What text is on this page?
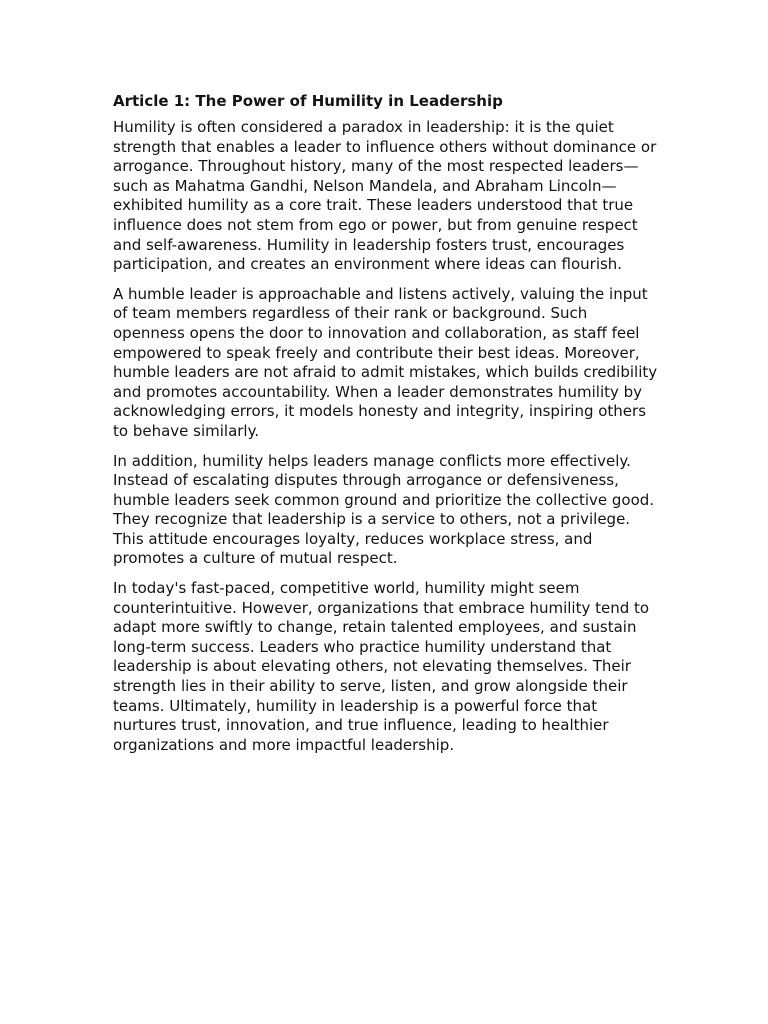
Article 1: The Power of Humility in Leadership

Humility is often considered a paradox in leadership: it is the quiet strength that enables a leader to influence others without dominance or arrogance. Throughout history, many of the most respected leaders—such as Mahatma Gandhi, Nelson Mandela, and Abraham Lincoln—exhibited humility as a core trait. These leaders understood that true influence does not stem from ego or power, but from genuine respect and self-awareness. Humility in leadership fosters trust, encourages participation, and creates an environment where ideas can flourish.

A humble leader is approachable and listens actively, valuing the input of team members regardless of their rank or background. Such openness opens the door to innovation and collaboration, as staff feel empowered to speak freely and contribute their best ideas. Moreover, humble leaders are not afraid to admit mistakes, which builds credibility and promotes accountability. When a leader demonstrates humility by acknowledging errors, it models honesty and integrity, inspiring others to behave similarly.

In addition, humility helps leaders manage conflicts more effectively. Instead of escalating disputes through arrogance or defensiveness, humble leaders seek common ground and prioritize the collective good. They recognize that leadership is a service to others, not a privilege. This attitude encourages loyalty, reduces workplace stress, and promotes a culture of mutual respect.

In today's fast-paced, competitive world, humility might seem counterintuitive. However, organizations that embrace humility tend to adapt more swiftly to change, retain talented employees, and sustain long-term success. Leaders who practice humility understand that leadership is about elevating others, not elevating themselves. Their strength lies in their ability to serve, listen, and grow alongside their teams. Ultimately, humility in leadership is a powerful force that nurtures trust, innovation, and true influence, leading to healthier organizations and more impactful leadership.
